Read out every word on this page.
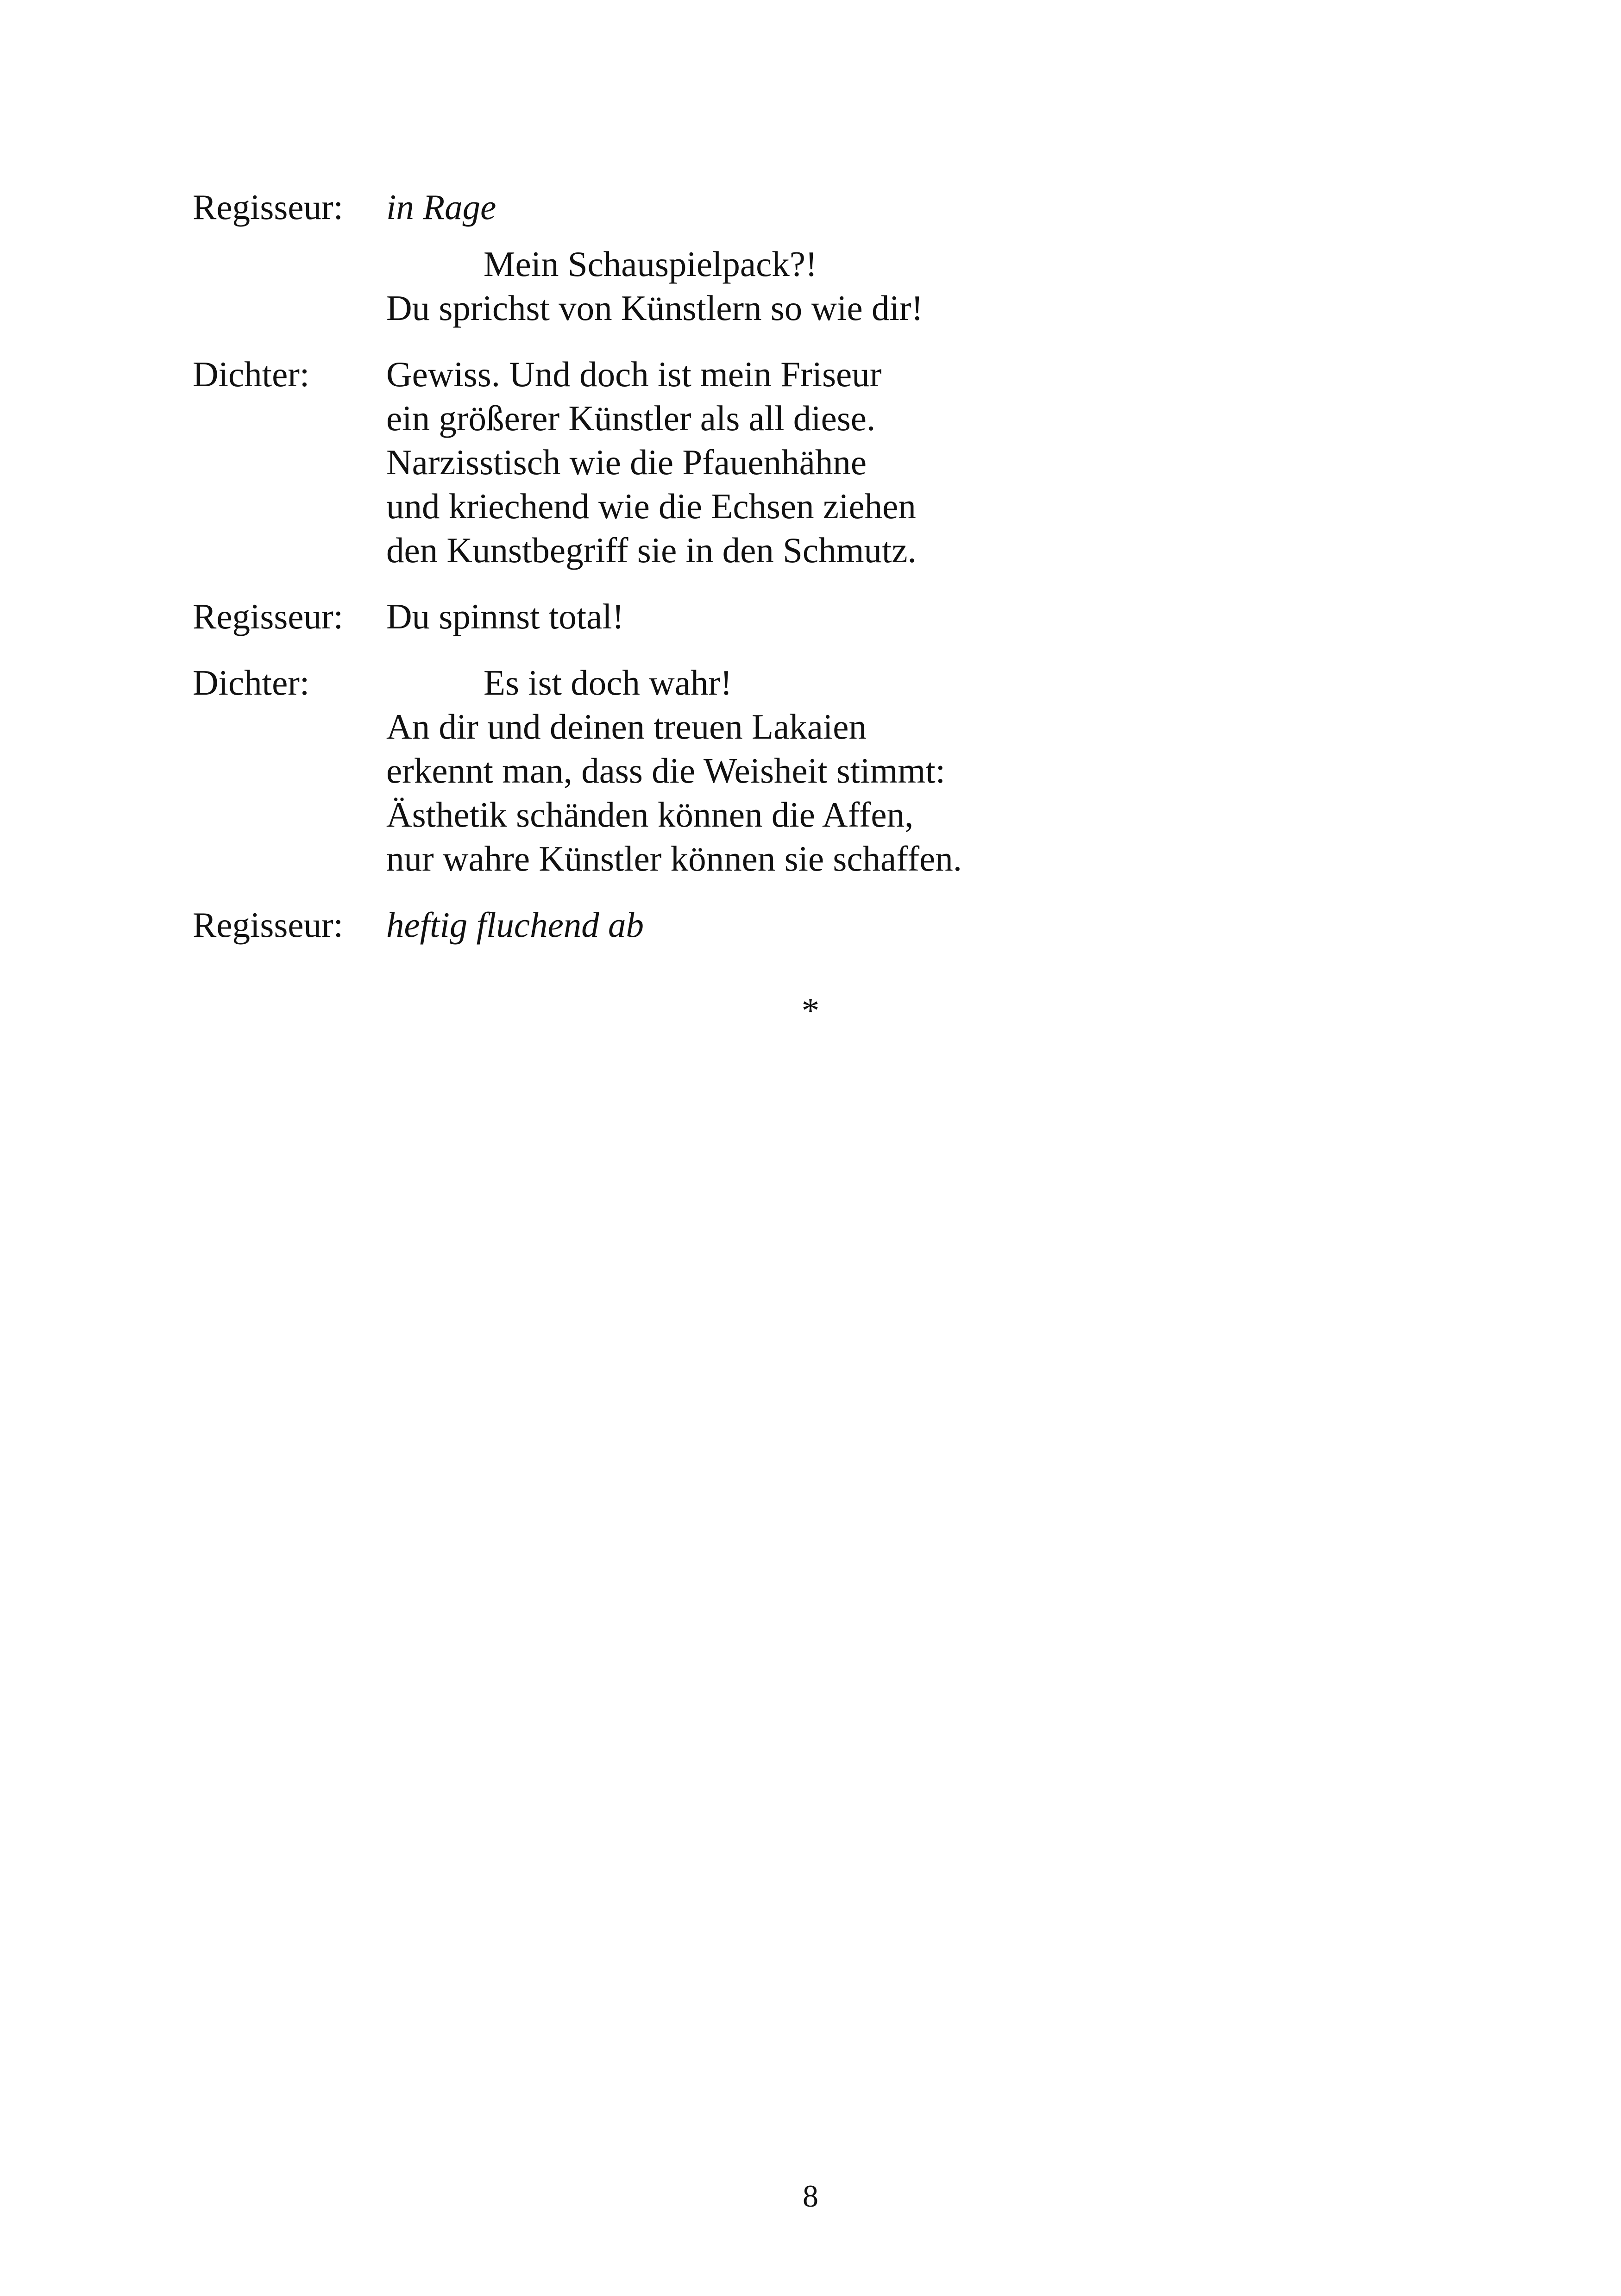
Regisseur:	in Rage
Mein Schauspielpack?!
Du sprichst von Künstlern so wie dir!
Dichter:	Gewiss. Und doch ist mein Friseur
ein größerer Künstler als all diese.
Narzisstisch wie die Pfauenhähne
und kriechend wie die Echsen ziehen
den Kunstbegriff sie in den Schmutz.
Regisseur:	Du spinnst total!
Dichter:	Es ist doch wahr!
An dir und deinen treuen Lakaien
erkennt man, dass die Weisheit stimmt:
Ästhetik schänden können die Affen,
nur wahre Künstler können sie schaffen.
Regisseur:	heftig fluchend ab
*
8
